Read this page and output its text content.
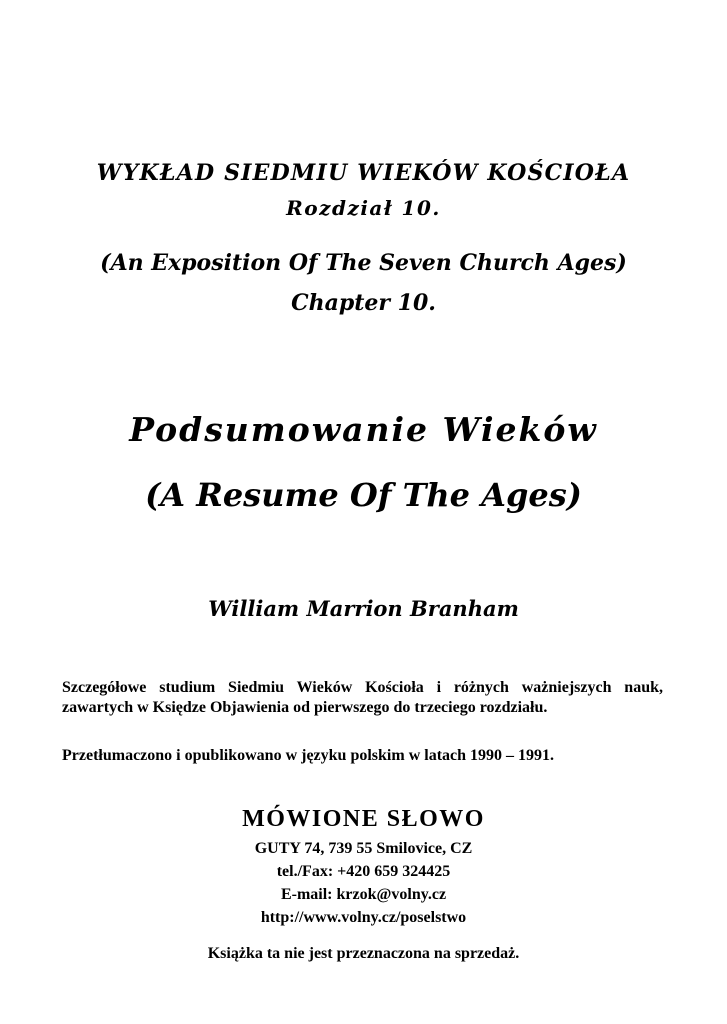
WYKŁAD SIEDMIU WIEKÓW KOŚCIOŁA
Rozdział 10.
(An Exposition Of The Seven Church Ages)
Chapter 10.
Podsumowanie Wieków
(A Resume Of The Ages)
William Marrion Branham
Szczegółowe studium Siedmiu Wieków Kościoła i różnych ważniejszych nauk, zawartych w Księdze Objawienia od pierwszego do trzeciego rozdziału.
Przetłumaczono i opublikowano w języku polskim w latach 1990 – 1991.
MÓWIONE SŁOWO
GUTY 74, 739 55 Smilovice, CZ
tel./Fax: +420 659 324425
E-mail: krzok@volny.cz
http://www.volny.cz/poselstwo
Książka ta nie jest przeznaczona na sprzedaż.
